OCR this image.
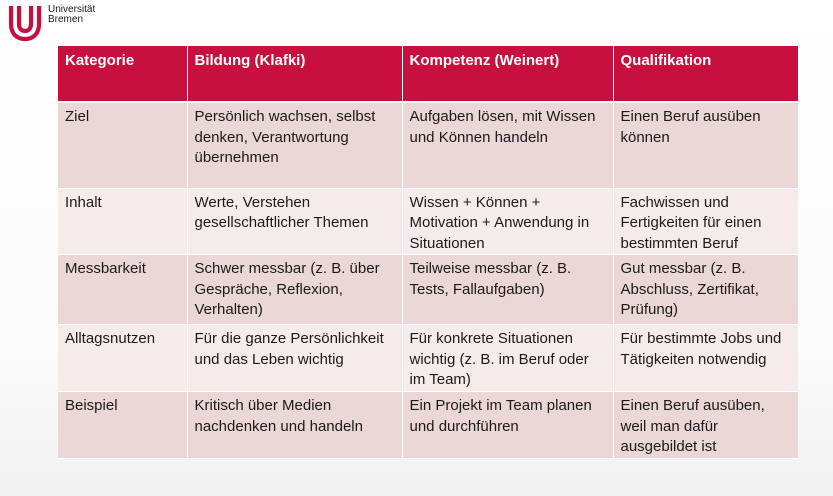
Universität
Bremen
Kategorie	Bildung (Klafki)	Kompetenz (Weinert)	Qualifikation
Ziel	Persönlich wachsen, selbst denken, Verantwortung übernehmen	Aufgaben lösen, mit Wissen und Können handeln	Einen Beruf ausüben können
Inhalt	Werte, Verstehen gesellschaftlicher Themen	Wissen + Können + Motivation + Anwendung in Situationen	Fachwissen und Fertigkeiten für einen bestimmten Beruf
Messbarkeit	Schwer messbar (z. B. über Gespräche, Reflexion, Verhalten)	Teilweise messbar (z. B. Tests, Fallaufgaben)	Gut messbar (z. B. Abschluss, Zertifikat, Prüfung)
Alltagsnutzen	Für die ganze Persönlichkeit und das Leben wichtig	Für konkrete Situationen wichtig (z. B. im Beruf oder im Team)	Für bestimmte Jobs und Tätigkeiten notwendig
Beispiel	Kritisch über Medien nachdenken und handeln	Ein Projekt im Team planen und durchführen	Einen Beruf ausüben, weil man dafür ausgebildet ist
